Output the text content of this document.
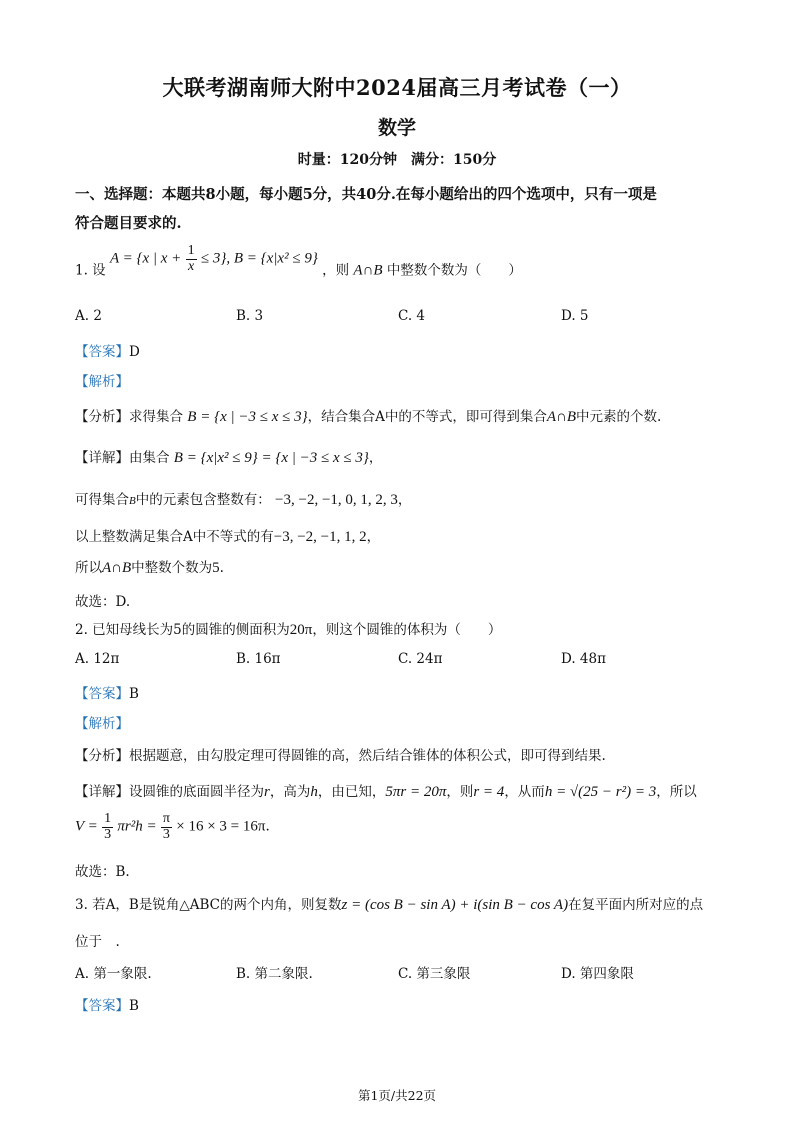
大联考湖南师大附中2024届高三月考试卷（一）
数学
时量：120分钟　满分：150分
一、选择题：本题共8小题，每小题5分，共40分.在每小题给出的四个选项中，只有一项是
符合题目要求的.
1. 设 A = {x | $x + \frac{1}{x} \le 3$}, B = {x|x² ≤ 9} ，则 A∩B 中整数个数为（　　）
A. 2	B. 3	C. 4	D. 5
【答案】D
【解析】
【分析】求得集合 B = {x | −3 ≤ x ≤ 3}，结合集合A中的不等式，即可得到集合A∩B中元素的个数.
【详解】由集合 B = {x|x² ≤ 9} = {x | −3 ≤ x ≤ 3}，
可得集合B中的元素包含整数有： −3, −2, −1, 0, 1, 2, 3，
以上整数满足集合A中不等式的有−3, −2, −1, 1, 2，
所以A∩B中整数个数为5.
故选：D.
2. 已知母线长为5的圆锥的侧面积为20π，则这个圆锥的体积为（　　）
A. 12π	B. 16π	C. 24π	D. 48π
【答案】B
【解析】
【分析】根据题意，由勾股定理可得圆锥的高，然后结合锥体的体积公式，即可得到结果.
【详解】设圆锥的底面圆半径为r，高为h，由已知，5πr = 20π，则r = 4，从而h = √(25 − r²) = 3，所以
$V = \frac{1}{3} \pi r^2h = \frac{\pi}{3} \times 16 \times 3 = 16\pi$.
故选：B.
3. 若A，B是锐角△ABC的两个内角，则复数z = (cos B − sin A) + i(sin B − cos A)在复平面内所对应的点
位于　.
A. 第一象限.	B. 第二象限.	C. 第三象限	D. 第四象限
【答案】B
第1页/共22页
